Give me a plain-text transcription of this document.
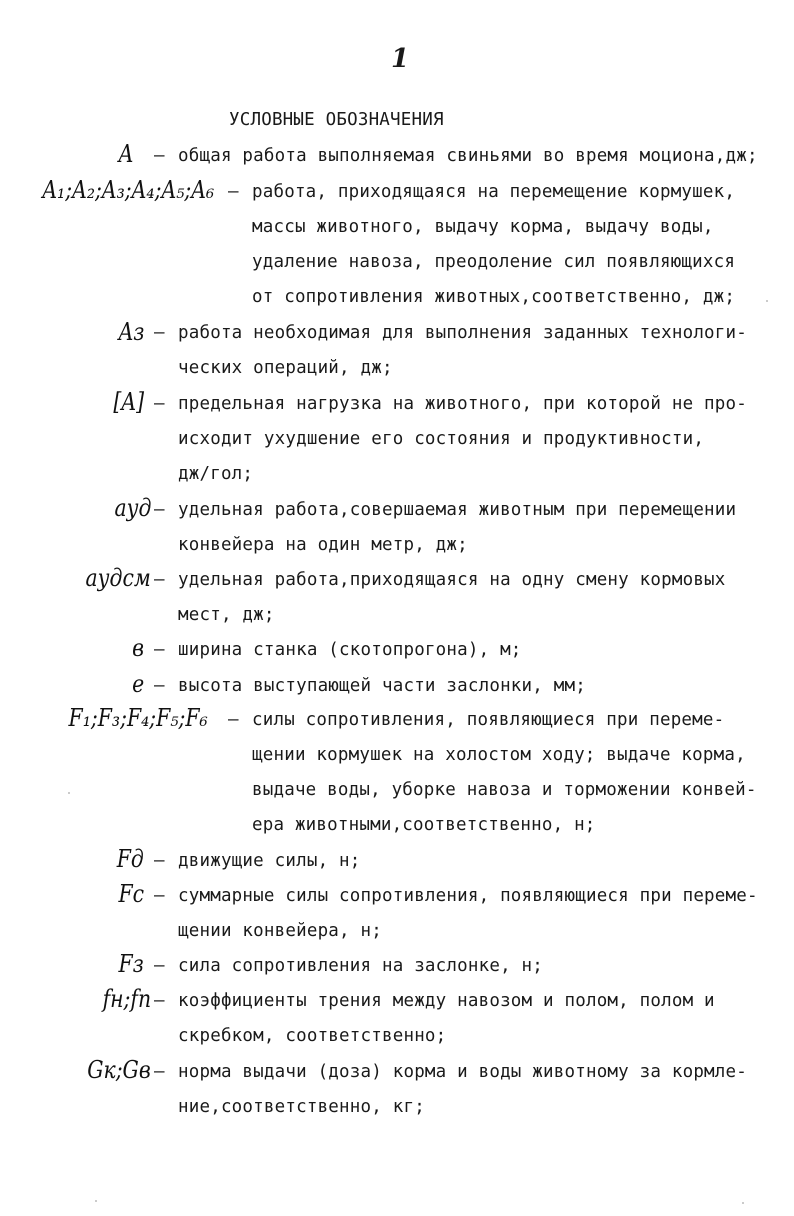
1
УСЛОВНЫЕ ОБОЗНАЧЕНИЯ
A – общая работа выполняемая свиньями во время моциона,дж;
A₁;A₂;A₃;A₄;A₅;A₆ – работа, приходящаяся на перемещение кормушек,
массы животного, выдачу корма, выдачу воды,
удаление навоза, преодоление сил появляющихся
от сопротивления животных,соответственно, дж;
Aз – работа необходимая для выполнения заданных технологи-
ческих операций, дж;
[A] – предельная нагрузка на животного, при которой не про-
исходит ухудшение его состояния и продуктивности,
дж/гол;
aуд – удельная работа,совершаемая животным при перемещении
конвейера на один метр, дж;
aудсм – удельная работа,приходящаяся на одну смену кормовых
мест, дж;
в – ширина станка (скотопрогона), м;
e – высота выступающей части заслонки, мм;
F₁;F₃;F₄;F₅;F₆ – силы сопротивления, появляющиеся при переме-
щении кормушек на холостом ходу; выдаче корма,
выдаче воды, уборке навоза и торможении конвей-
ера животными,соответственно, н;
Fд – движущие силы, н;
Fс – суммарные силы сопротивления, появляющиеся при переме-
щении конвейера, н;
Fз – сила сопротивления на заслонке, н;
fн;fп – коэффициенты трения между навозом и полом, полом и
скребком, соответственно;
Gк;Gв – норма выдачи (доза) корма и воды животному за кормле-
ние,соответственно, кг;
